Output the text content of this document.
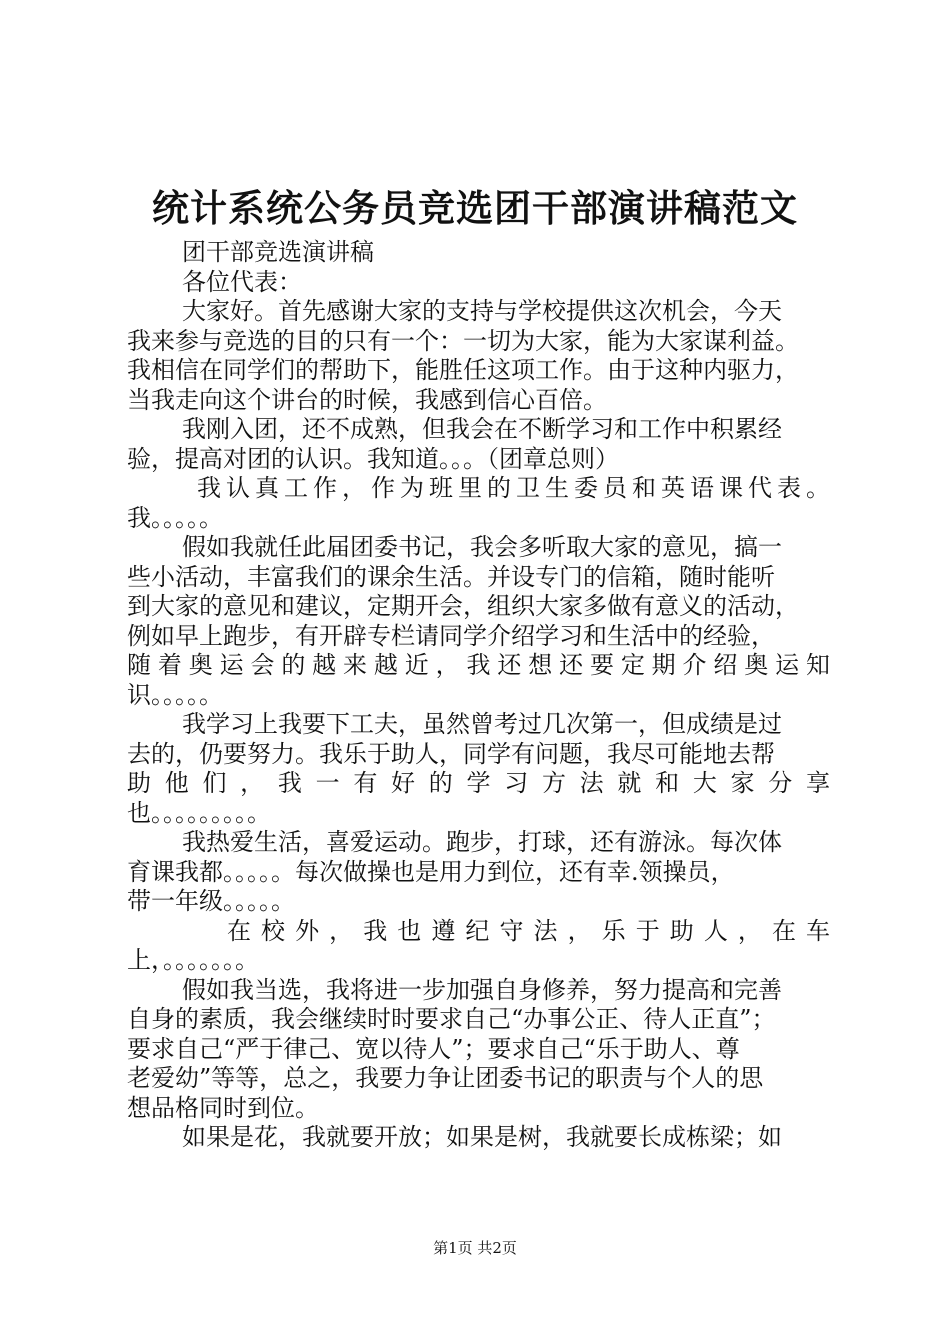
统计系统公务员竞选团干部演讲稿范文
团干部竞选演讲稿
各位代表：
大家好。首先感谢大家的支持与学校提供这次机会，今天
我来参与竞选的目的只有一个：一切为大家，能为大家谋利益。
我相信在同学们的帮助下，能胜任这项工作。由于这种内驱力，
当我走向这个讲台的时候，我感到信心百倍。
我刚入团，还不成熟，但我会在不断学习和工作中积累经
验，提高对团的认识。我知道。。。（团章总则）
我认真工作，作为班里的卫生委员和英语课代表。
我。。。。。
假如我就任此届团委书记，我会多听取大家的意见，搞一
些小活动，丰富我们的课余生活。并设专门的信箱，随时能听
到大家的意见和建议，定期开会，组织大家多做有意义的活动，
例如早上跑步，有开辟专栏请同学介绍学习和生活中的经验，
随着奥运会的越来越近，我还想还要定期介绍奥运知
识。。。。。
我学习上我要下工夫，虽然曾考过几次第一，但成绩是过
去的，仍要努力。我乐于助人，同学有问题，我尽可能地去帮
助他们，我一有好的学习方法就和大家分享
也。。。。。。。。。
我热爱生活，喜爱运动。跑步，打球，还有游泳。每次体
育课我都。。。。。每次做操也是用力到位，还有幸.领操员，
带一年级。。。。。
在校外，我也遵纪守法，乐于助人，在车
上，。。。。。。。
假如我当选，我将进一步加强自身修养，努力提高和完善
自身的素质，我会继续时时要求自己“办事公正、待人正直”；
要求自己“严于律己、宽以待人”；要求自己“乐于助人、尊
老爱幼”等等，总之，我要力争让团委书记的职责与个人的思
想品格同时到位。
如果是花，我就要开放；如果是树，我就要长成栋梁；如
第1页 共2页
